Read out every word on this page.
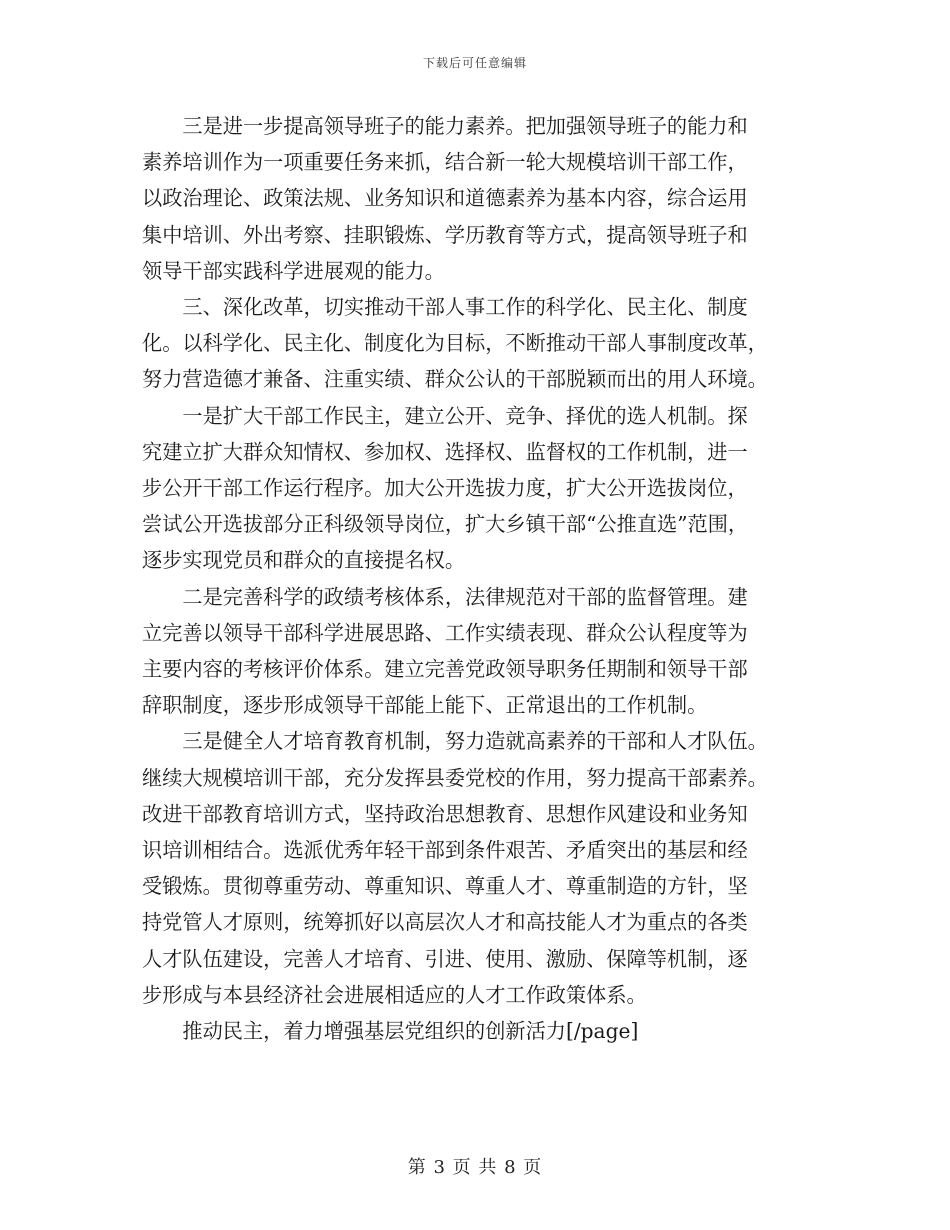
下载后可任意编辑

三是进一步提高领导班子的能力素养。把加强领导班子的能力和
素养培训作为一项重要任务来抓，结合新一轮大规模培训干部工作，
以政治理论、政策法规、业务知识和道德素养为基本内容，综合运用
集中培训、外出考察、挂职锻炼、学历教育等方式，提高领导班子和
领导干部实践科学进展观的能力。

三、深化改革，切实推动干部人事工作的科学化、民主化、制度
化。以科学化、民主化、制度化为目标，不断推动干部人事制度改革，
努力营造德才兼备、注重实绩、群众公认的干部脱颖而出的用人环境。

一是扩大干部工作民主，建立公开、竞争、择优的选人机制。探
究建立扩大群众知情权、参加权、选择权、监督权的工作机制，进一
步公开干部工作运行程序。加大公开选拔力度，扩大公开选拔岗位，
尝试公开选拔部分正科级领导岗位，扩大乡镇干部“公推直选”范围，
逐步实现党员和群众的直接提名权。

二是完善科学的政绩考核体系，法律规范对干部的监督管理。建
立完善以领导干部科学进展思路、工作实绩表现、群众公认程度等为
主要内容的考核评价体系。建立完善党政领导职务任期制和领导干部
辞职制度，逐步形成领导干部能上能下、正常退出的工作机制。

三是健全人才培育教育机制，努力造就高素养的干部和人才队伍。
继续大规模培训干部，充分发挥县委党校的作用，努力提高干部素养。
改进干部教育培训方式，坚持政治思想教育、思想作风建设和业务知
识培训相结合。选派优秀年轻干部到条件艰苦、矛盾突出的基层和经
受锻炼。贯彻尊重劳动、尊重知识、尊重人才、尊重制造的方针，坚
持党管人才原则，统筹抓好以高层次人才和高技能人才为重点的各类
人才队伍建设，完善人才培育、引进、使用、激励、保障等机制，逐
步形成与本县经济社会进展相适应的人才工作政策体系。

推动民主，着力增强基层党组织的创新活力[/page]

第 3 页 共 8 页
